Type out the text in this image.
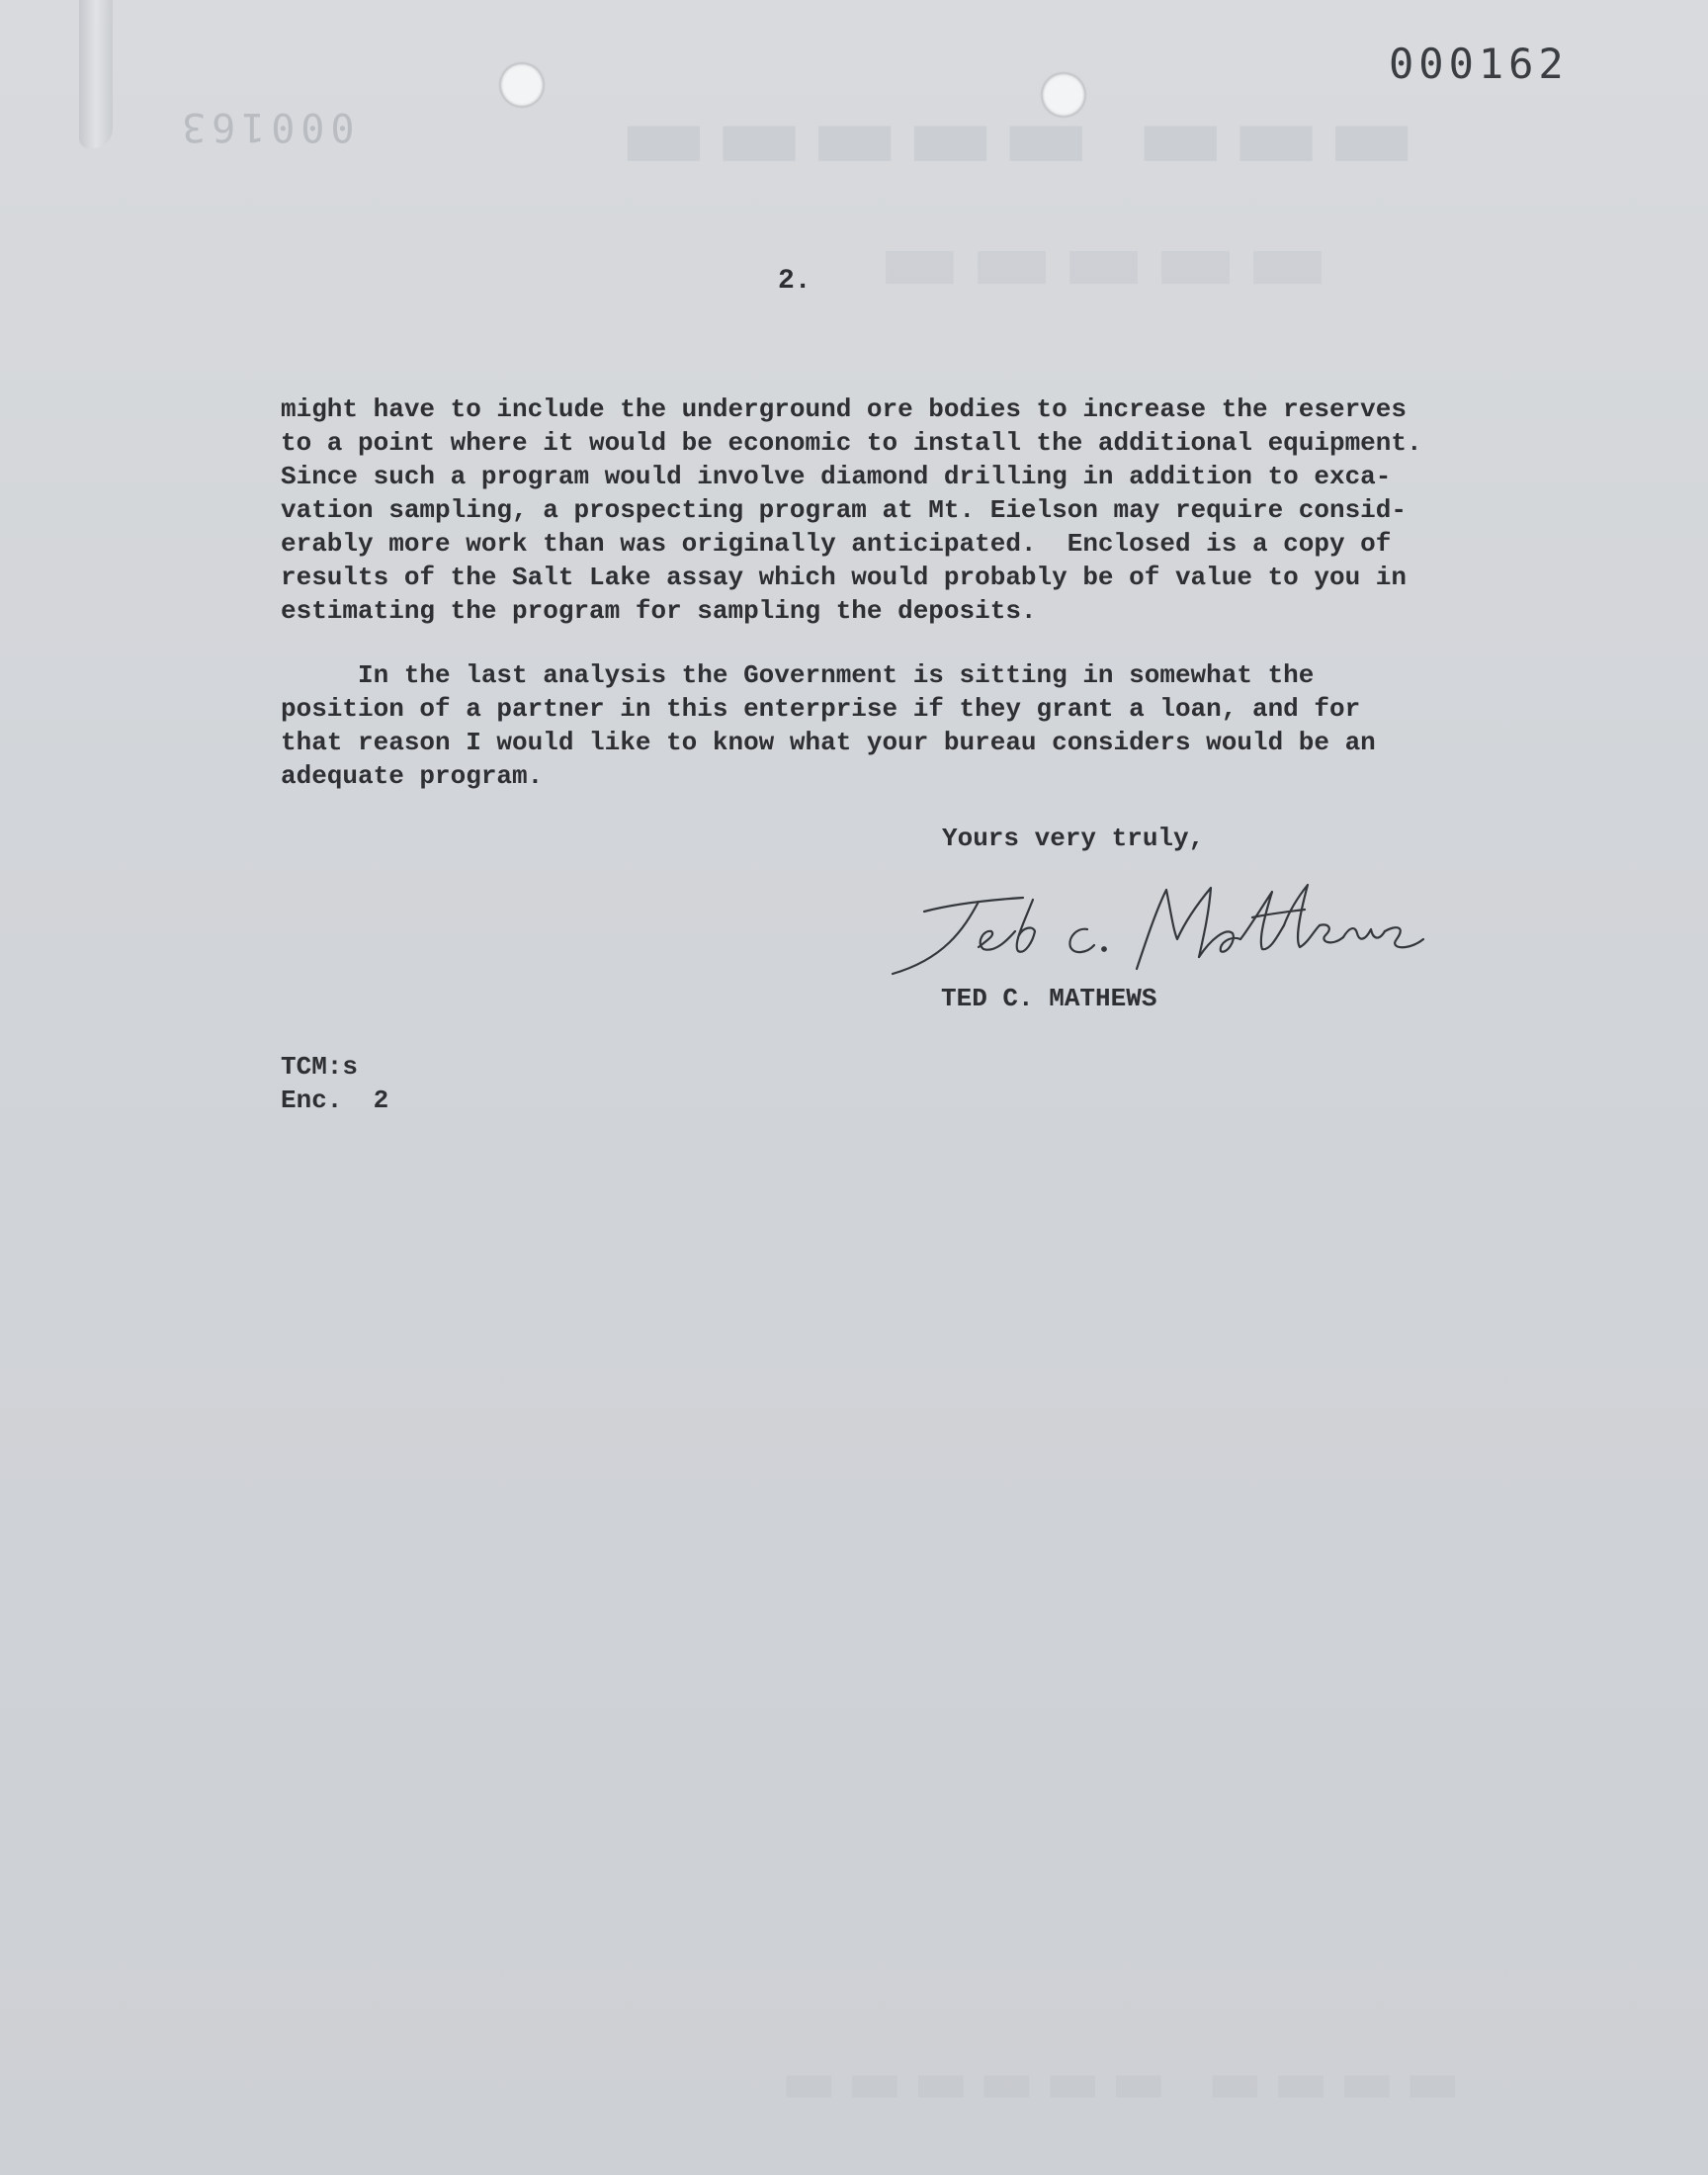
▬▬▬ ▬▬▬▬▬
▬▬▬▬▬
▬▬▬▬ ▬▬▬▬▬▬
000163
000162
2.
might have to include the underground ore bodies to increase the reserves
to a point where it would be economic to install the additional equipment.
Since such a program would involve diamond drilling in addition to exca-
vation sampling, a prospecting program at Mt. Eielson may require consid-
erably more work than was originally anticipated.  Enclosed is a copy of
results of the Salt Lake assay which would probably be of value to you in
estimating the program for sampling the deposits.
In the last analysis the Government is sitting in somewhat the
position of a partner in this enterprise if they grant a loan, and for
that reason I would like to know what your bureau considers would be an
adequate program.
Yours very truly,
TED C. MATHEWS
TCM:s
Enc.  2
